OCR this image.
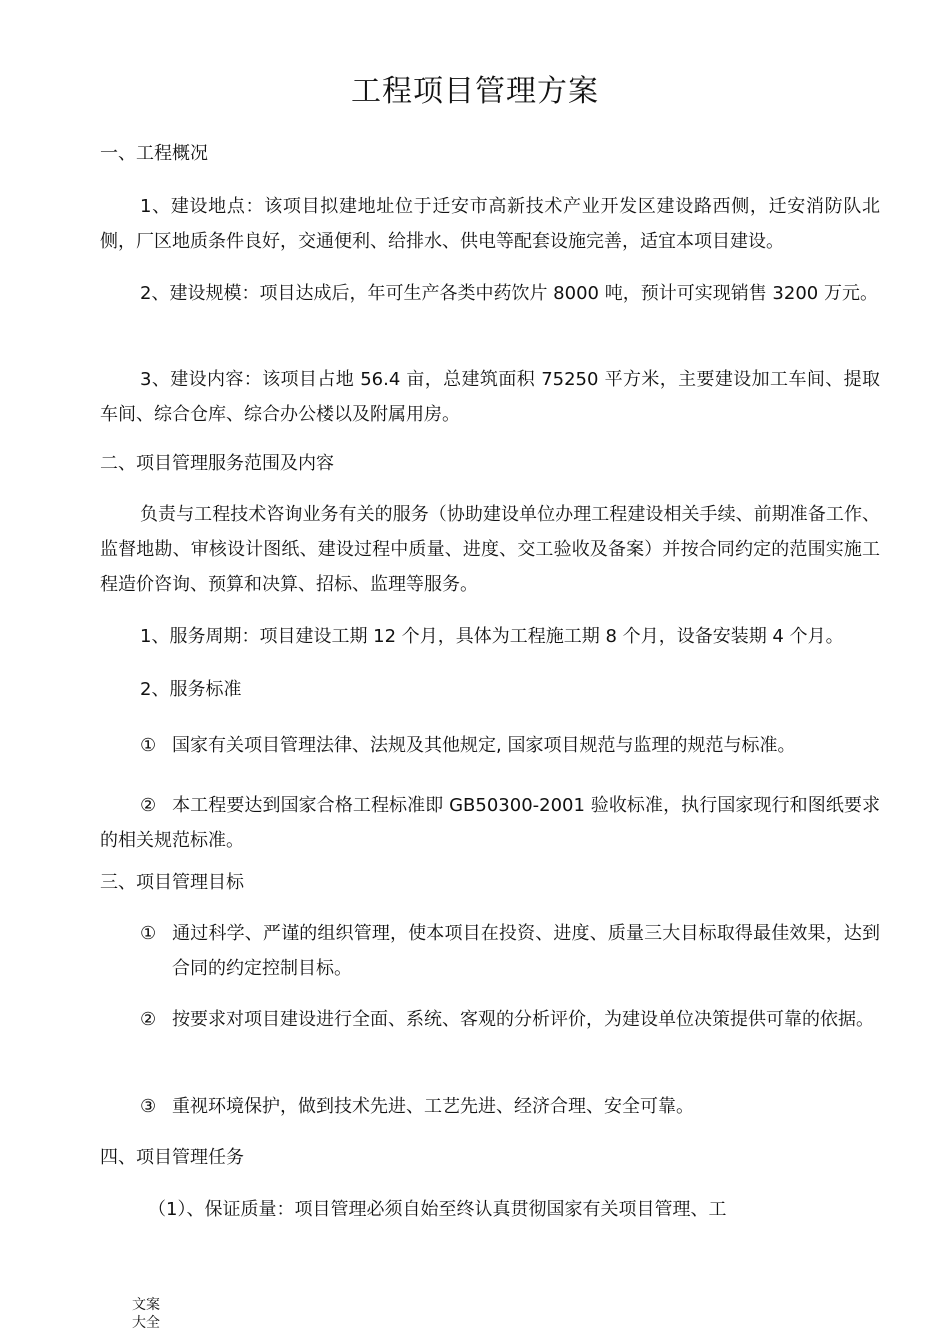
工程项目管理方案

一、工程概况

1、建设地点：该项目拟建地址位于迁安市高新技术产业开发区建设路西侧，迁安消防队北侧，厂区地质条件良好，交通便利、给排水、供电等配套设施完善，适宜本项目建设。

2、建设规模：项目达成后，年可生产各类中药饮片 8000 吨，预计可实现销售 3200 万元。

3、建设内容：该项目占地 56.4 亩，总建筑面积 75250 平方米，主要建设加工车间、提取车间、综合仓库、综合办公楼以及附属用房。

二、项目管理服务范围及内容

负责与工程技术咨询业务有关的服务（协助建设单位办理工程建设相关手续、前期准备工作、监督地勘、审核设计图纸、建设过程中质量、进度、交工验收及备案）并按合同约定的范围实施工程造价咨询、预算和决算、招标、监理等服务。

1、服务周期：项目建设工期 12 个月，具体为工程施工期 8 个月，设备安装期 4 个月。

2、服务标准

① 国家有关项目管理法律、法规及其他规定, 国家项目规范与监理的规范与标准。

② 本工程要达到国家合格工程标准即 GB50300-2001 验收标准，执行国家现行和图纸要求的相关规范标准。

三、项目管理目标

① 通过科学、严谨的组织管理，使本项目在投资、进度、质量三大目标取得最佳效果，达到合同的约定控制目标。

② 按要求对项目建设进行全面、系统、客观的分析评价，为建设单位决策提供可靠的依据。

③ 重视环境保护，做到技术先进、工艺先进、经济合理、安全可靠。

四、项目管理任务

（1）、保证质量：项目管理必须自始至终认真贯彻国家有关项目管理、工

文案大全
